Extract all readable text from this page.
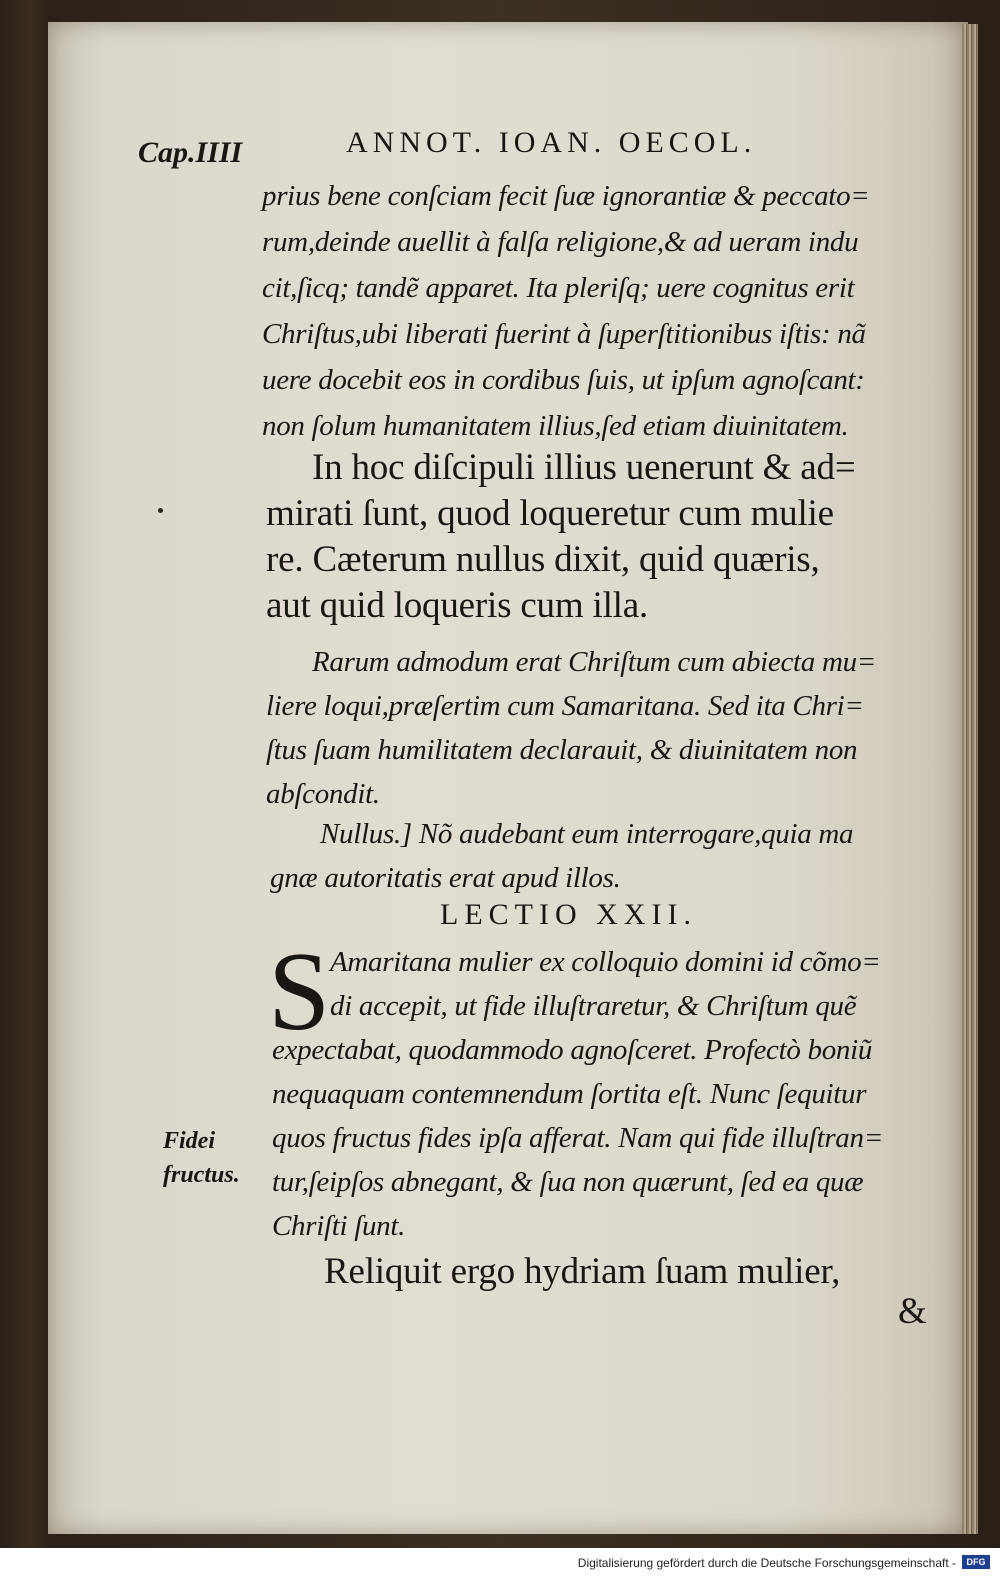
Cap.IIII	ANNOT. IOAN. OECOL.
prius bene conſciam fecit ſuæ ignorantiæ & peccato=
rum,deinde auellit à falſa religione,& ad ueram indu
cit,ſicq; tandẽ apparet. Ita pleriſq; uere cognitus erit
Chriſtus,ubi liberati fuerint à ſuperſtitionibus iſtis: nã
uere docebit eos in cordibus ſuis, ut ipſum agnoſcant:
non ſolum humanitatem illius,ſed etiam diuinitatem.
In hoc diſcipuli illius uenerunt & ad=
mirati ſunt, quod loqueretur cum mulie
re. Cæterum nullus dixit, quid quæris,
aut quid loqueris cum illa.
Rarum admodum erat Chriſtum cum abiecta mu=
liere loqui,præſertim cum Samaritana. Sed ita Chri=
ſtus ſuam humilitatem declarauit, & diuinitatem non
abſcondit.
Nullus.] Nõ audebant eum interrogare,quia ma
gnæ autoritatis erat apud illos.
LECTIO XXII.
S Amaritana mulier ex colloquio domini id cõmo=
di accepit, ut fide illuſtraretur, & Chriſtum quẽ
expectabat, quodammodo agnoſceret. Profectò boniũ
nequaquam contemnendum ſortita eſt. Nunc ſequitur
quos fructus fides ipſa afferat. Nam qui fide illuſtran=
tur,ſeipſos abnegant, & ſua non quærunt, ſed ea quæ
Chriſti ſunt.
Fidei
fructus.
Reliquit ergo hydriam ſuam mulier,
&
Digitalisierung gefördert durch die Deutsche Forschungsgemeinschaft -	DFG
